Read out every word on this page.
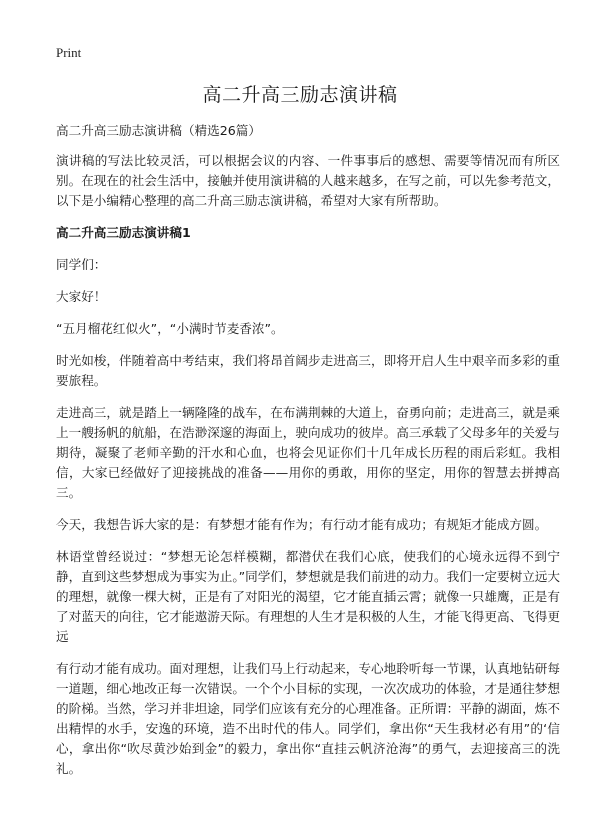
Print
高二升高三励志演讲稿

高二升高三励志演讲稿（精选26篇）

演讲稿的写法比较灵活，可以根据会议的内容、一件事事后的感想、需要等情况而有所区别。在现在的社会生活中，接触并使用演讲稿的人越来越多，在写之前，可以先参考范文，以下是小编精心整理的高二升高三励志演讲稿，希望对大家有所帮助。

高二升高三励志演讲稿1

同学们：

大家好！

“五月榴花红似火”，“小满时节麦香浓”。

时光如梭，伴随着高中考结束，我们将昂首阔步走进高三，即将开启人生中艰辛而多彩的重要旅程。

走进高三，就是踏上一辆隆隆的战车，在布满荆棘的大道上，奋勇向前；走进高三，就是乘上一艘扬帆的航船，在浩渺深邃的海面上，驶向成功的彼岸。高三承载了父母多年的关爱与期待，凝聚了老师辛勤的汗水和心血，也将会见证你们十几年成长历程的雨后彩虹。我相信，大家已经做好了迎接挑战的准备——用你的勇敢，用你的坚定，用你的智慧去拼搏高三。

今天，我想告诉大家的是：有梦想才能有作为；有行动才能有成功；有规矩才能成方圆。

林语堂曾经说过：“梦想无论怎样模糊，都潜伏在我们心底，使我们的心境永远得不到宁静，直到这些梦想成为事实为止。”同学们，梦想就是我们前进的动力。我们一定要树立远大的理想，就像一棵大树，正是有了对阳光的渴望，它才能直插云霄；就像一只雄鹰，正是有了对蓝天的向往，它才能遨游天际。有理想的人生才是积极的人生，才能飞得更高、飞得更远

有行动才能有成功。面对理想，让我们马上行动起来，专心地聆听每一节课，认真地钻研每一道题，细心地改正每一次错误。一个个小目标的实现，一次次成功的体验，才是通往梦想的阶梯。当然，学习并非坦途，同学们应该有充分的心理准备。正所谓：平静的湖面，炼不出精悍的水手，安逸的环境，造不出时代的伟人。同学们，拿出你“天生我材必有用”的‘信心，拿出你“吹尽黄沙始到金”的毅力，拿出你“直挂云帆济沧海”的勇气，去迎接高三的洗礼。
